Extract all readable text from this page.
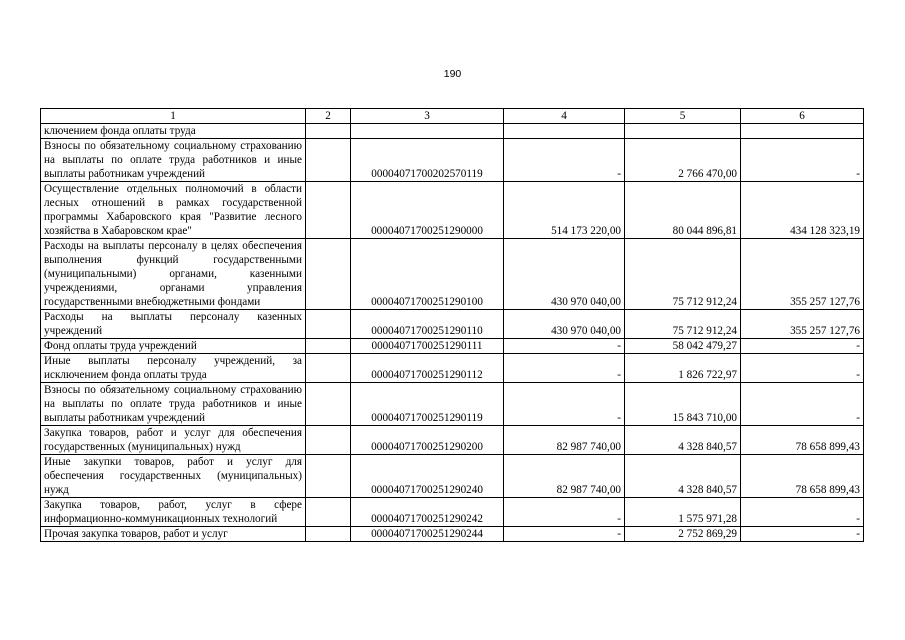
190
1	2	3	4	5	6
ключением фонда оплаты труда					
Взносы по обязательному социальному страхованию на выплаты по оплате труда работников и иные выплаты работникам учреждений		00004071700202570119	-	2 766 470,00	-
Осуществление отдельных полномочий в области лесных отношений в рамках государственной программы Хабаровского края "Развитие лесного хозяйства в Хабаровском крае"		00004071700251290000	514 173 220,00	80 044 896,81	434 128 323,19
Расходы на выплаты персоналу в целях обеспечения выполнения функций государственными (муниципальными) органами, казенными учреждениями, органами управления государственными внебюджетными фондами		00004071700251290100	430 970 040,00	75 712 912,24	355 257 127,76
Расходы на выплаты персоналу казенных учреждений		00004071700251290110	430 970 040,00	75 712 912,24	355 257 127,76
Фонд оплаты труда учреждений		00004071700251290111	-	58 042 479,27	-
Иные выплаты персоналу учреждений, за исключением фонда оплаты труда		00004071700251290112	-	1 826 722,97	-
Взносы по обязательному социальному страхованию на выплаты по оплате труда работников и иные выплаты работникам учреждений		00004071700251290119	-	15 843 710,00	-
Закупка товаров, работ и услуг для обеспечения государственных (муниципальных) нужд		00004071700251290200	82 987 740,00	4 328 840,57	78 658 899,43
Иные закупки товаров, работ и услуг для обеспечения государственных (муниципальных) нужд		00004071700251290240	82 987 740,00	4 328 840,57	78 658 899,43
Закупка товаров, работ, услуг в сфере информационно-коммуникационных технологий		00004071700251290242	-	1 575 971,28	-
Прочая закупка товаров, работ и услуг		00004071700251290244	-	2 752 869,29	-
